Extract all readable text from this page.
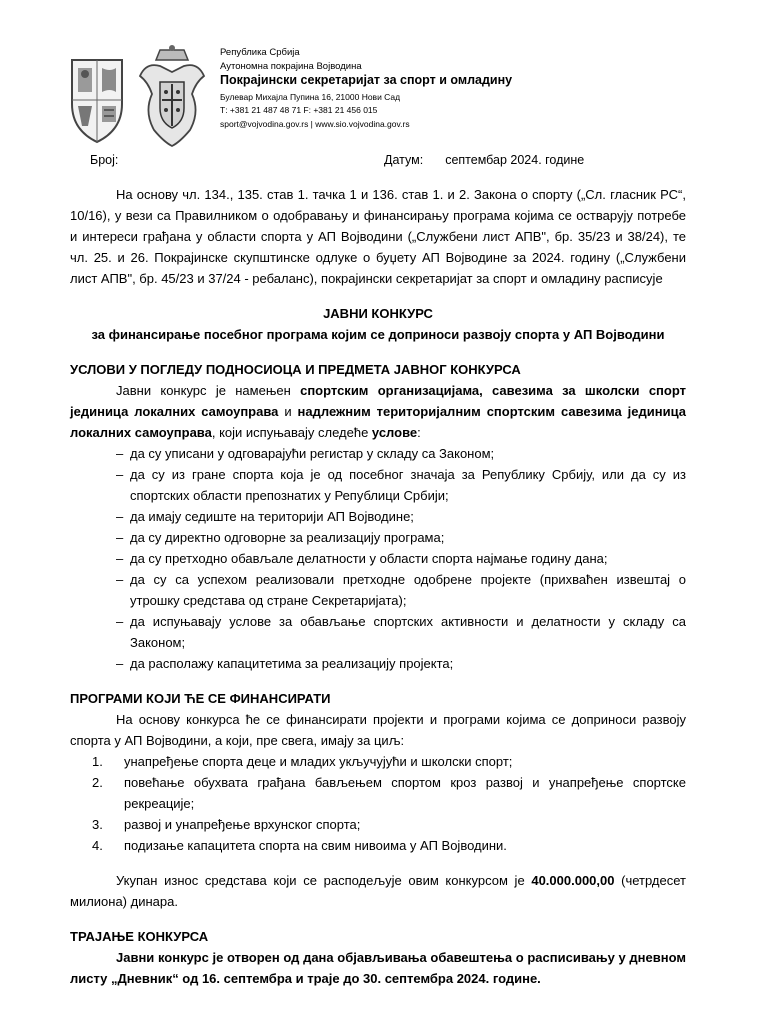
Република Србија
Аутономна покрајина Војводина
Покрајински секретаријат за спорт и омладину
Булевар Михајла Пупина 16, 21000 Нови Сад
Т: +381 21 487 48 71 F: +381 21 456 015
sport@vojvodina.gov.rs | www.sio.vojvodina.gov.rs
Број:	Датум: септембар 2024. године

На основу чл. 134., 135. став 1. тачка 1 и 136. став 1. и 2. Закона о спорту („Сл. гласник РС“, 10/16), у вези са Правилником о одобравању и финансирању програма којима се остварују потребе и интереси грађана у области спорта у АП Војводини („Службени лист АПВ", бр. 35/23 и 38/24), те чл. 25. и 26. Покрајинске скупштинске одлуке о буџету АП Војводине за 2024. годину („Службени лист АПВ", бр. 45/23 и 37/24 - ребаланс), покрајински секретаријат за спорт и омладину расписује

ЈАВНИ КОНКУРС

за финансирање посебног програма којим се доприноси развоју спорта у АП Војводини

УСЛОВИ У ПОГЛЕДУ ПОДНОСИОЦА И ПРЕДМЕТА ЈАВНОГ КОНКУРСА

Јавни конкурс је намењен спортским организацијама, савезима за школски спорт јединица локалних самоуправа и надлежним територијалним спортским савезима јединица локалних самоуправа, који испуњавају следеће услове:

– да су уписани у одговарајући регистар у складу са Законом;
– да су из гране спорта која је од посебног значаја за Републику Србију, или да су из спортских области препознатих у Републици Србији;
– да имају седиште на територији АП Војводине;
– да су директно одговорне за реализацију програма;
– да су претходно обављале делатности у области спорта најмање годину дана;
– да су са успехом реализовали претходне одобрене пројекте (прихваћен извештај о утрошку средстава од стране Секретаријата);
– да испуњавају услове за обављање спортских активности и делатности у складу са Законом;
– да располажу капацитетима за реализацију пројекта;

ПРОГРАМИ КОЈИ ЋЕ СЕ ФИНАНСИРАТИ

На основу конкурса ће се финансирати пројекти и програми којима се доприноси развоју спорта у АП Војводини, а који, пре свега, имају за циљ:

1. унапређење спорта деце и младих укључујући и школски спорт;
2. повећање обухвата грађана бављењем спортом кроз развој и унапређење спортске рекреације;
3. развој и унапређење врхунског спорта;
4. подизање капацитета спорта на свим нивоима у АП Војводини.

Укупан износ средстава који се расподељује овим конкурсом је 40.000.000,00 (четрдесет милиона) динара.

ТРАЈАЊЕ КОНКУРСА

Јавни конкурс је отворен од дана објављивања обавештења о расписивању у дневном листу „Дневник“ од 16. септембра и траје до 30. септембра 2024. године.
